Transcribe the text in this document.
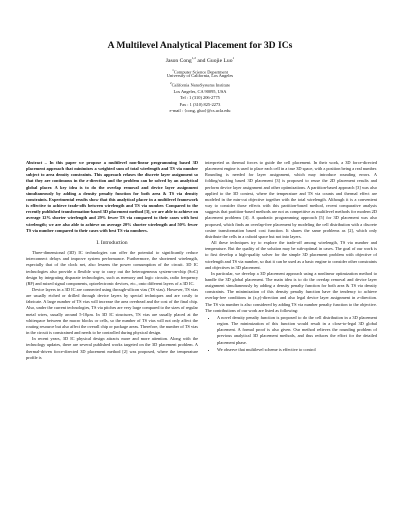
A Multilevel Analytical Placement for 3D ICs
Jason Cong$^{1,2}$ and Guojie Luo$^1$
$^1$Computer Science Department
University of California, Los Angeles
$^2$California NanoSystems Institute
Los Angeles, CA 90095, USA
Tel : 1 (310) 206-2775
Fax : 1 (310) 825-2273
e-mail : {cong, gluo}@cs.ucla.edu

Abstract – In this paper we propose a multilevel non-linear programming based 3D placement approach that minimizes a weighted sum of total wirelength and TS via number subject to area density constraints. This approach relaxes the discrete layer assignment so that they are continuous in the z-direction and the problem can be solved by an analytical global placer. A key idea is to do the overlap removal and device layer assignment simultaneously by adding a density penalty function for both area & TS via density constraints. Experimental results show that this analytical placer in a multilevel framework is effective to achieve trade-offs between wirelength and TS via number. Compared to the recently published transformation-based 3D placement method [3], we are able to achieve on average 12% shorter wirelength and 29% fewer TS via compared to their cases with best wirelength; we are also able to achieve on average 20% shorter wirelength and 50% fewer TS via number compared to their cases with best TS via numbers.

I. Introduction

Three-dimensional (3D) IC technologies can offer the potential to significantly reduce interconnect delays and improve system performance. Furthermore, the shortened wirelength, especially that of the clock net, also lessens the power consumption of the circuit. 3D IC technologies also provide a flexible way to carry out the heterogeneous system-on-chip (SoC) design by integrating disparate technologies, such as memory and logic circuits, radio frequency (RF) and mixed signal components, optoelectronic devices, etc., onto different layers of a 3D IC.

Device layers in a 3D IC are connected using through-silicon vias (TS vias). However, TS vias are usually etched or drilled through device layers by special techniques and are costly to fabricate. A large number of TS vias will increase the area overhead and the cost of the final chip. Also, under the current technologies, TS via pitches are very large compared to the sizes of regular metal wires, usually around 5-10μm. In 3D IC structures, TS vias are usually placed at the whitespace between the macro blocks or cells, so the number of TS vias will not only affect the routing resource but also affect the overall chip or package areas. Therefore, the number of TS vias in the circuit is constrained and needs to be controlled during physical design.

In recent years, 3D IC physical design attracts more and more attention. Along with the technology updates, there are several published works targeted on the 3D placement problem. A thermal-driven force-directed 3D placement method [2] was proposed, where the temperature profile is

interpreted as thermal forces to guide the cell placement. In their work, a 3D force-directed placement engine is used to place each cell in a true 3D space, with z position being a real number. Rounding is needed for layer assignment, which may introduce rounding errors. A folding/stacking based 3D placement [3] is proposed to reuse the 2D placement results and perform device layer assignment and other optimizations. A partition-based approach [3] was also applied to the 3D context, where the temperature and TS via counts and thermal effect are modeled in the min-cut objective together with the total wirelength. Although it is a convenient way to consider those effects with this partition-based method, recent comparative analysis suggests that partition-based methods are not as competitive as multilevel methods for modern 2D placement problems [4]. A quadratic programming approach [5] for 3D placement was also proposed, which finds an overlap-free placement by modeling the cell distribution with a discrete cosine transformation based cost function. It shares the same problems as [2], which only distribute the cells in a cuboid space but not into layers.

All these techniques try to explore the trade-off among wirelength, TS via number and temperature. But the quality of the solution may be sub-optimal in cases. The goal of our work is to first develop a high-quality solver for the simple 3D placement problem with objective of wirelength and TS via number, so that it can be used as a basic engine to consider other constraints and objectives in 3D placement.

In particular, we develop a 3D placement approach using a nonlinear optimization method to handle the 3D global placement. The main idea is to do the overlap removal and device layer assignment simultaneously by adding a density penalty function for both area & TS via density constraints. The minimization of this density penalty function have the tendency to achieve overlap-free conditions in (x,y)-direction and also legal device layer assignment in z-direction. The TS via number is also considered by adding TS via number penalty function to the objective. The contributions of our work are listed as following:

• A novel density penalty function is proposed to do the cell distribution in a 3D placement region. The minimization of this function would result in a close-to-legal 3D global placement. A formal proof is also given. Our method relieves the rounding problem of previous analytical 3D placement methods, and thus reduces the effort for the detailed placement phase.
• We observe that multilevel scheme is effective to control
